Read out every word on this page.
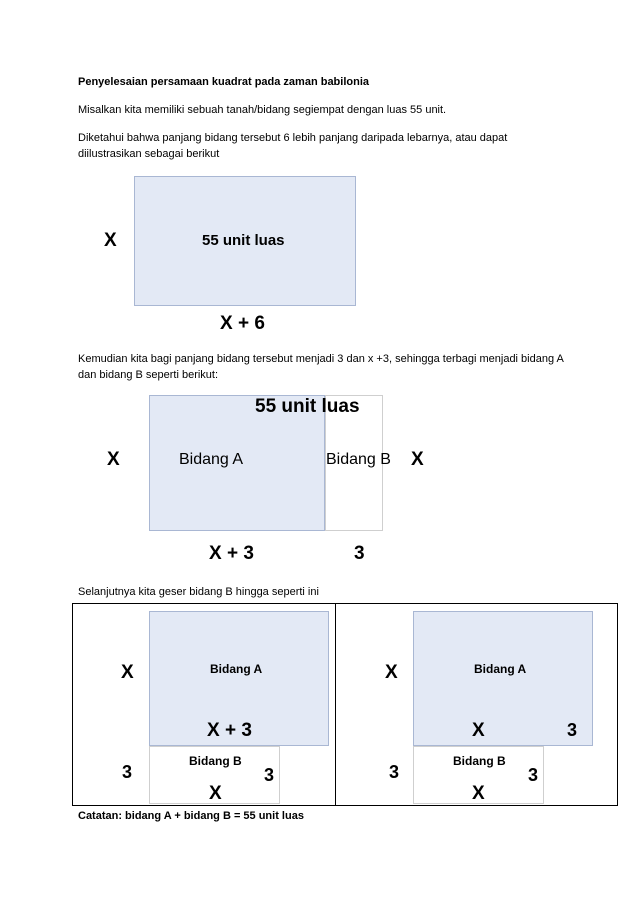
Penyelesaian persamaan kuadrat pada zaman babilonia
Misalkan kita memiliki sebuah tanah/bidang segiempat dengan luas 55 unit.
Diketahui bahwa panjang bidang tersebut 6 lebih panjang daripada lebarnya, atau dapat
diilustrasikan sebagai berikut
X	55 unit luas
X + 6
Kemudian kita bagi panjang bidang tersebut menjadi 3 dan x +3, sehingga terbagi menjadi bidang A
dan bidang B seperti berikut:
55 unit luas
X	Bidang A	Bidang B X
X + 3	3
Selanjutnya kita geser bidang B hingga seperti ini
X	Bidang A
X + 3
3
Bidang B
3
X
X	Bidang A
X	3
3
Bidang B
3
X
Catatan: bidang A + bidang B = 55 unit luas
